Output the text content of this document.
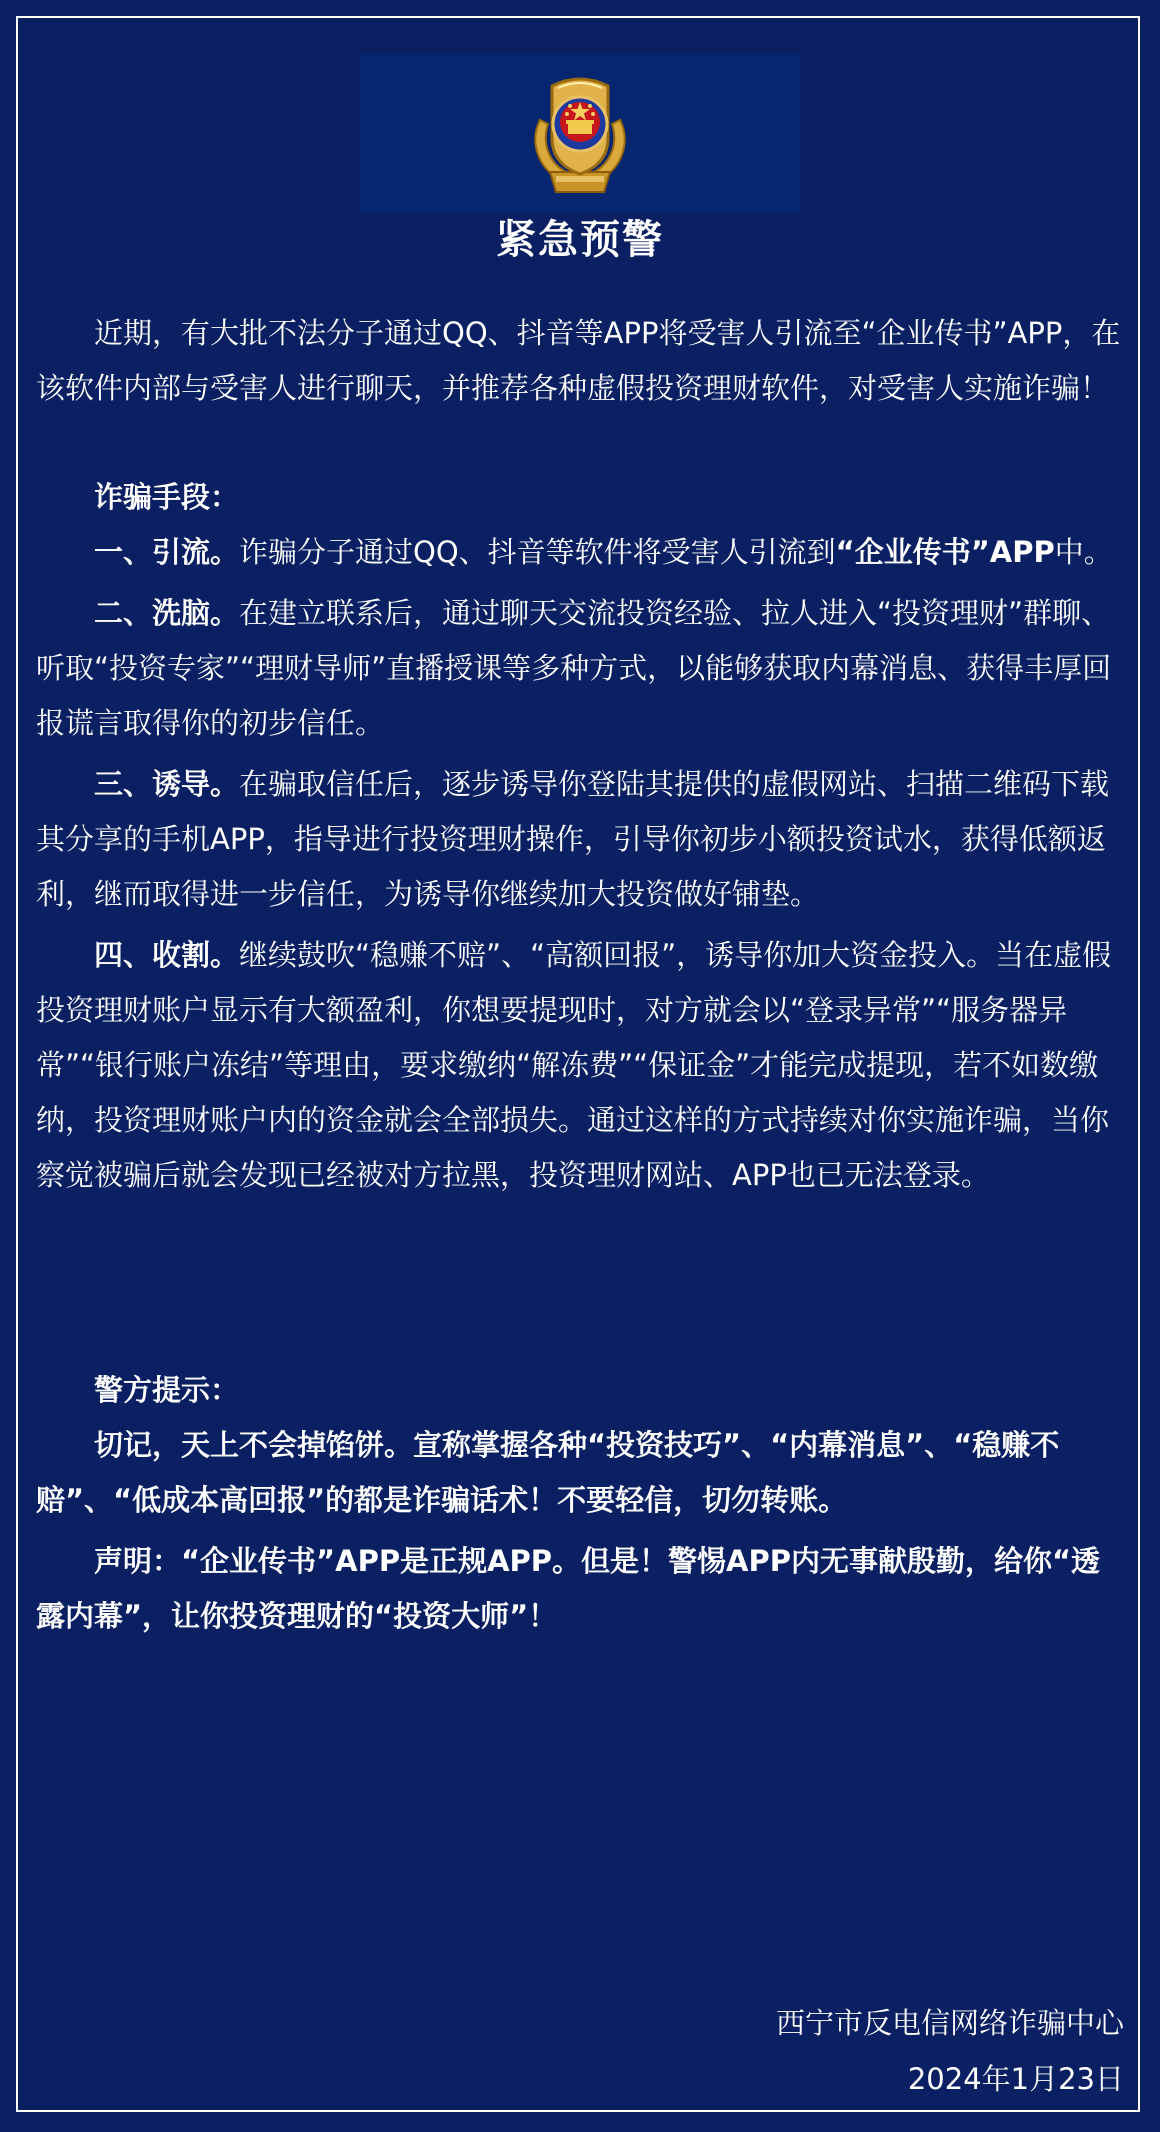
紧急预警

近期，有大批不法分子通过QQ、抖音等APP将受害人引流至“企业传书”APP，在该软件内部与受害人进行聊天，并推荐各种虚假投资理财软件，对受害人实施诈骗！

诈骗手段：

一、引流。诈骗分子通过QQ、抖音等软件将受害人引流到“企业传书”APP中。

二、洗脑。在建立联系后，通过聊天交流投资经验、拉人进入“投资理财”群聊、听取“投资专家”“理财导师”直播授课等多种方式，以能够获取内幕消息、获得丰厚回报谎言取得你的初步信任。

三、诱导。在骗取信任后，逐步诱导你登陆其提供的虚假网站、扫描二维码下载其分享的手机APP，指导进行投资理财操作，引导你初步小额投资试水，获得低额返利，继而取得进一步信任，为诱导你继续加大投资做好铺垫。

四、收割。继续鼓吹“稳赚不赔”、“高额回报”，诱导你加大资金投入。当在虚假投资理财账户显示有大额盈利，你想要提现时，对方就会以“登录异常”“服务器异常”“银行账户冻结”等理由，要求缴纳“解冻费”“保证金”才能完成提现，若不如数缴纳，投资理财账户内的资金就会全部损失。通过这样的方式持续对你实施诈骗，当你察觉被骗后就会发现已经被对方拉黑，投资理财网站、APP也已无法登录。

警方提示：

切记，天上不会掉馅饼。宣称掌握各种“投资技巧”、“内幕消息”、“稳赚不赔”、“低成本高回报”的都是诈骗话术！不要轻信，切勿转账。

声明：“企业传书”APP是正规APP。但是！警惕APP内无事献殷勤，给你“透露内幕”，让你投资理财的“投资大师”！

西宁市反电信网络诈骗中心
2024年1月23日
